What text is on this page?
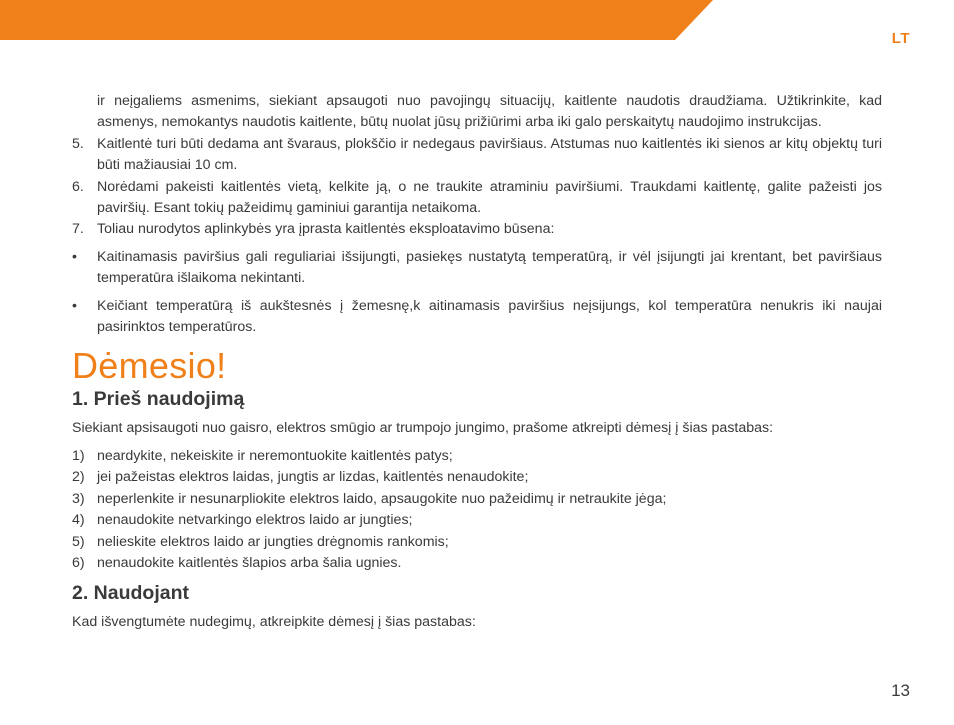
LT
ir neįgaliems asmenims, siekiant apsaugoti nuo pavojingų situacijų, kaitlente naudotis draudžiama. Užtikrinkite, kad asmenys, nemokantys naudotis kaitlente, būtų nuolat jūsų prižiūrimi arba iki galo perskaitytų naudojimo instrukcijas.
5. Kaitlentė turi būti dedama ant švaraus, plokščio ir nedegaus paviršiaus. Atstumas nuo kaitlentės iki sienos ar kitų objektų turi būti mažiausiai 10 cm.
6. Norėdami pakeisti kaitlentės vietą, kelkite ją, o ne traukite atraminiu paviršiumi. Traukdami kaitlentę, galite pažeisti jos paviršių. Esant tokių pažeidimų gaminiui garantija netaikoma.
7. Toliau nurodytos aplinkybės yra įprasta kaitlentės eksploatavimo būsena:
•	Kaitinamasis paviršius gali reguliariai išsijungti, pasiekęs nustatytą temperatūrą, ir vėl įsijungti jai krentant, bet paviršiaus temperatūra išlaikoma nekintanti.
•	Keičiant temperatūrą iš aukštesnės į žemesnę,k aitinamasis paviršius neįsijungs, kol temperatūra nenukris iki naujai pasirinktos temperatūros.
Dėmesio!
1. Prieš naudojimą
Siekiant apsisaugoti nuo gaisro, elektros smūgio ar trumpojo jungimo, prašome atkreipti dėmesį į šias pastabas:
1) neardykite, nekeiskite ir neremontuokite kaitlentės patys;
2) jei pažeistas elektros laidas, jungtis ar lizdas, kaitlentės nenaudokite;
3) neperlenkite ir nesunarpliokite elektros laido, apsaugokite nuo pažeidimų ir netraukite jėga;
4) nenaudokite netvarkingo elektros laido ar jungties;
5) nelieskite elektros laido ar jungties drėgnomis rankomis;
6) nenaudokite kaitlentės šlapios arba šalia ugnies.
2. Naudojant
Kad išvengtumėte nudegimų, atkreipkite dėmesį į šias pastabas:
13
